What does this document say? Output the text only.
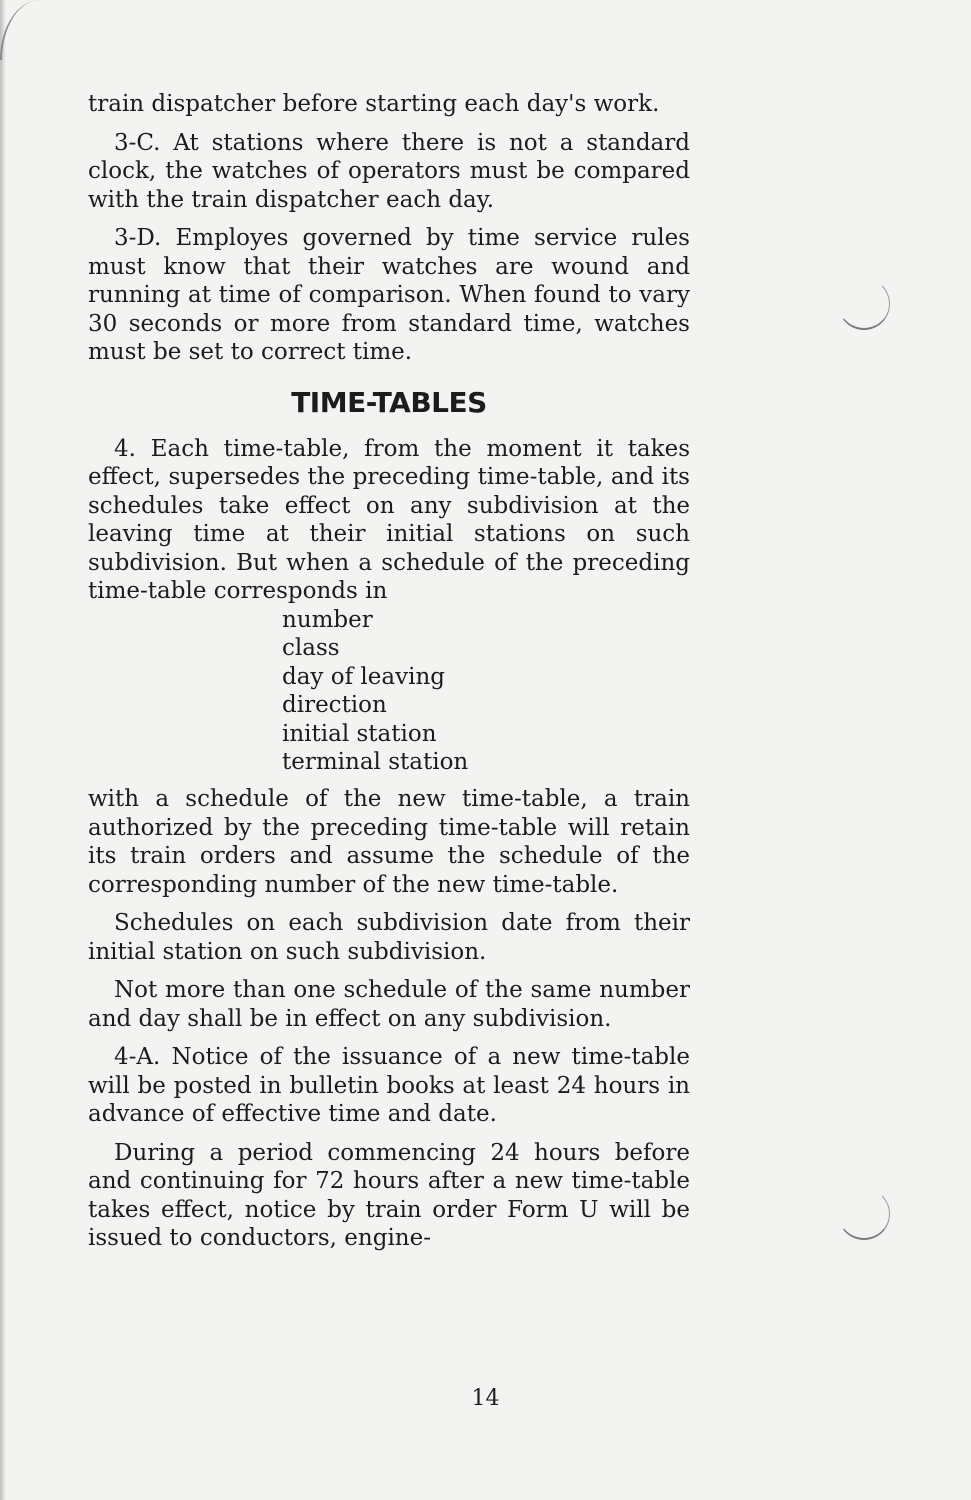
train dispatcher before starting each day's work.

3-C. At stations where there is not a standard clock, the watches of operators must be compared with the train dispatcher each day.

3-D. Employes governed by time service rules must know that their watches are wound and running at time of comparison. When found to vary 30 seconds or more from standard time, watches must be set to correct time.

TIME-TABLES

4. Each time-table, from the moment it takes effect, supersedes the preceding time-table, and its schedules take effect on any subdivision at the leaving time at their initial stations on such subdivision. But when a schedule of the preceding time-table corresponds in

number
class
day of leaving
direction
initial station
terminal station

with a schedule of the new time-table, a train authorized by the preceding time-table will retain its train orders and assume the schedule of the corresponding number of the new time-table.

Schedules on each subdivision date from their initial station on such subdivision.

Not more than one schedule of the same number and day shall be in effect on any subdivision.

4-A. Notice of the issuance of a new time-table will be posted in bulletin books at least 24 hours in advance of effective time and date.

During a period commencing 24 hours before and continuing for 72 hours after a new time-table takes effect, notice by train order Form U will be issued to conductors, engine-

14
